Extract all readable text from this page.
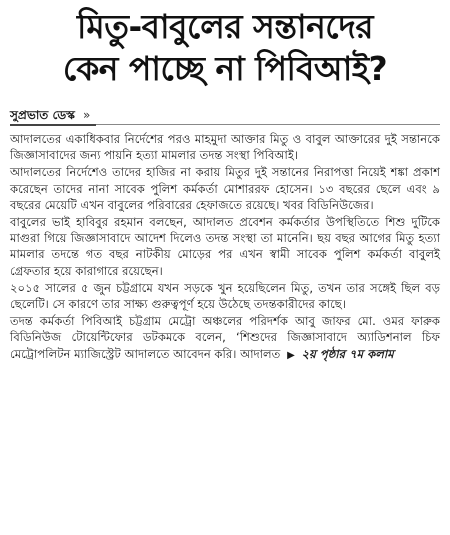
মিতু-বাবুলের সন্তানদের
কেন পাচ্ছে না পিবিআই?
সুপ্রভাত ডেস্ক »

আদালতের একাধিকবার নির্দেশের পরও মাহমুদা আক্তার মিতু ও বাবুল আক্তারের দুই সন্তানকে জিজ্ঞাসাবাদের জন্য পায়নি হত্যা মামলার তদন্ত সংস্থা পিবিআই।

আদালতের নির্দেশেও তাদের হাজির না করায় মিতুর দুই সন্তানের নিরাপত্তা নিয়েই শঙ্কা প্রকাশ করেছেন তাদের নানা সাবেক পুলিশ কর্মকর্তা মোশাররফ হোসেন। ১৩ বছরের ছেলে এবং ৯ বছরের মেয়েটি এখন বাবুলের পরিবারের হেফাজতে রয়েছে। খবর বিডিনিউজের।

বাবুলের ভাই হাবিবুর রহমান বলছেন, আদালত প্রবেশন কর্মকর্তার উপস্থিতিতে শিশু দুটিকে মাগুরা গিয়ে জিজ্ঞাসাবাদে আদেশ দিলেও তদন্ত সংস্থা তা মানেনি। ছয় বছর আগের মিতু হত্যা মামলার তদন্তে গত বছর নাটকীয় মোড়ের পর এখন স্বামী সাবেক পুলিশ কর্মকর্তা বাবুলই গ্রেফতার হয়ে কারাগারে রয়েছেন।

২০১৫ সালের ৫ জুন চট্টগ্রামে যখন সড়কে খুন হয়েছিলেন মিতু, তখন তার সঙ্গেই ছিল বড় ছেলেটি। সে কারণে তার সাক্ষ্য গুরুত্বপূর্ণ হয়ে উঠেছে তদন্তকারীদের কাছে।

তদন্ত কর্মকর্তা পিবিআই চট্টগ্রাম মেট্রো অঞ্চলের পরিদর্শক আবু জাফর মো. ওমর ফারুক বিডিনিউজ টোয়েন্টিফোর ডটকমকে বলেন, ‘শিশুদের জিজ্ঞাসাবাদে অ্যাডিশনাল চিফ মেট্রোপলিটন ম্যাজিস্ট্রেট আদালতে আবেদন করি। আদালত ▶ ২য় পৃষ্ঠার ৭ম কলাম
